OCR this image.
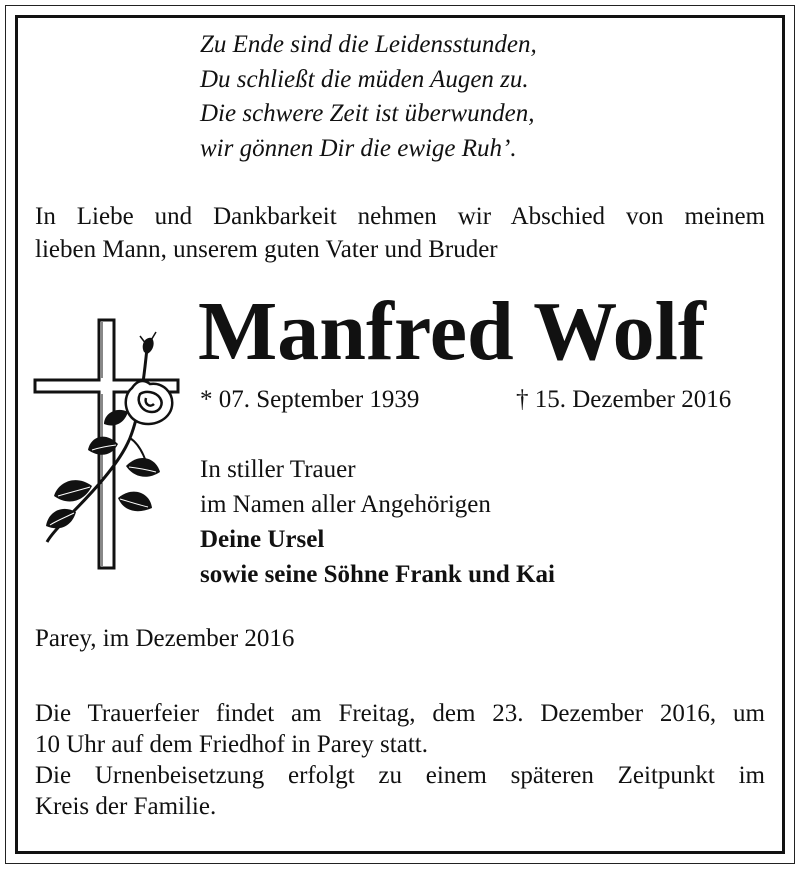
Zu Ende sind die Leidensstunden,
Du schließt die müden Augen zu.
Die schwere Zeit ist überwunden,
wir gönnen Dir die ewige Ruh’.
In Liebe und Dankbarkeit nehmen wir Abschied von meinem
lieben Mann, unserem guten Vater und Bruder
Manfred Wolf
* 07. September 1939	† 15. Dezember 2016
In stiller Trauer
im Namen aller Angehörigen
Deine Ursel
sowie seine Söhne Frank und Kai
Parey, im Dezember 2016
Die Trauerfeier findet am Freitag, dem 23. Dezember 2016, um
10 Uhr auf dem Friedhof in Parey statt.
Die Urnenbeisetzung erfolgt zu einem späteren Zeitpunkt im
Kreis der Familie.
